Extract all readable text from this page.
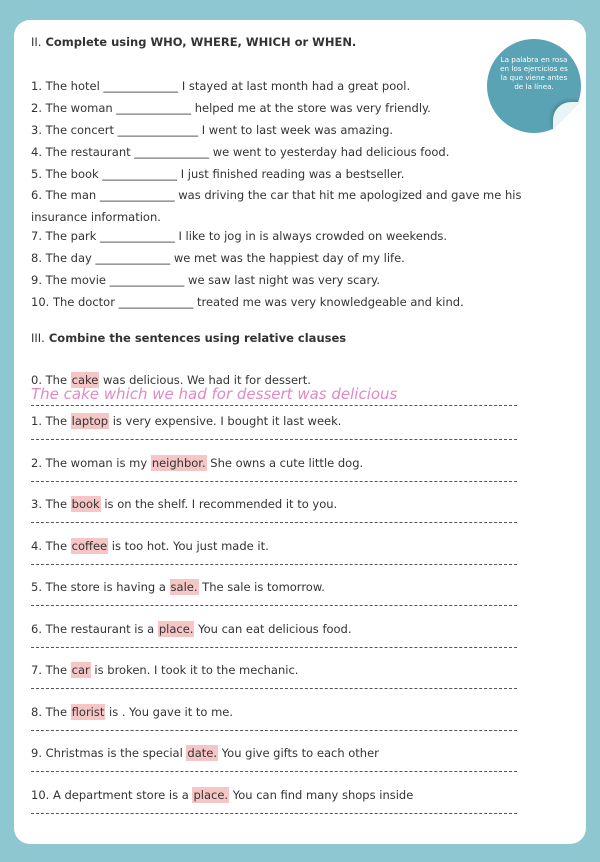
La palabra en rosa en los ejercicios es la que viene antes de la línea.
II. Complete using WHO, WHERE, WHICH or WHEN.
1. The hotel _____________ I stayed at last month had a great pool.
2. The woman _____________ helped me at the store was very friendly.
3. The concert ______________ I went to last week was amazing.
4. The restaurant _____________ we went to yesterday had delicious food.
5. The book _____________ I just finished reading was a bestseller.
6. The man _____________ was driving the car that hit me apologized and gave me his insurance information.
7. The park _____________ I like to jog in is always crowded on weekends.
8. The day _____________ we met was the happiest day of my life.
9. The movie _____________ we saw last night was very scary.
10. The doctor _____________ treated me was very knowledgeable and kind.
III. Combine the sentences using relative clauses
0. The cake was delicious. We had it for dessert.
The cake which we had for dessert was delicious
1. The laptop is very expensive. I bought it last week.
2. The woman is my neighbor. She owns a cute little dog.
3. The book is on the shelf. I recommended it to you.
4. The coffee is too hot. You just made it.
5. The store is having a sale. The sale is tomorrow.
6. The restaurant is a place. You can eat delicious food.
7. The car is broken. I took it to the mechanic.
8. The florist is . You gave it to me.
9. Christmas is the special date. You give gifts to each other
10. A department store is a place. You can find many shops inside
